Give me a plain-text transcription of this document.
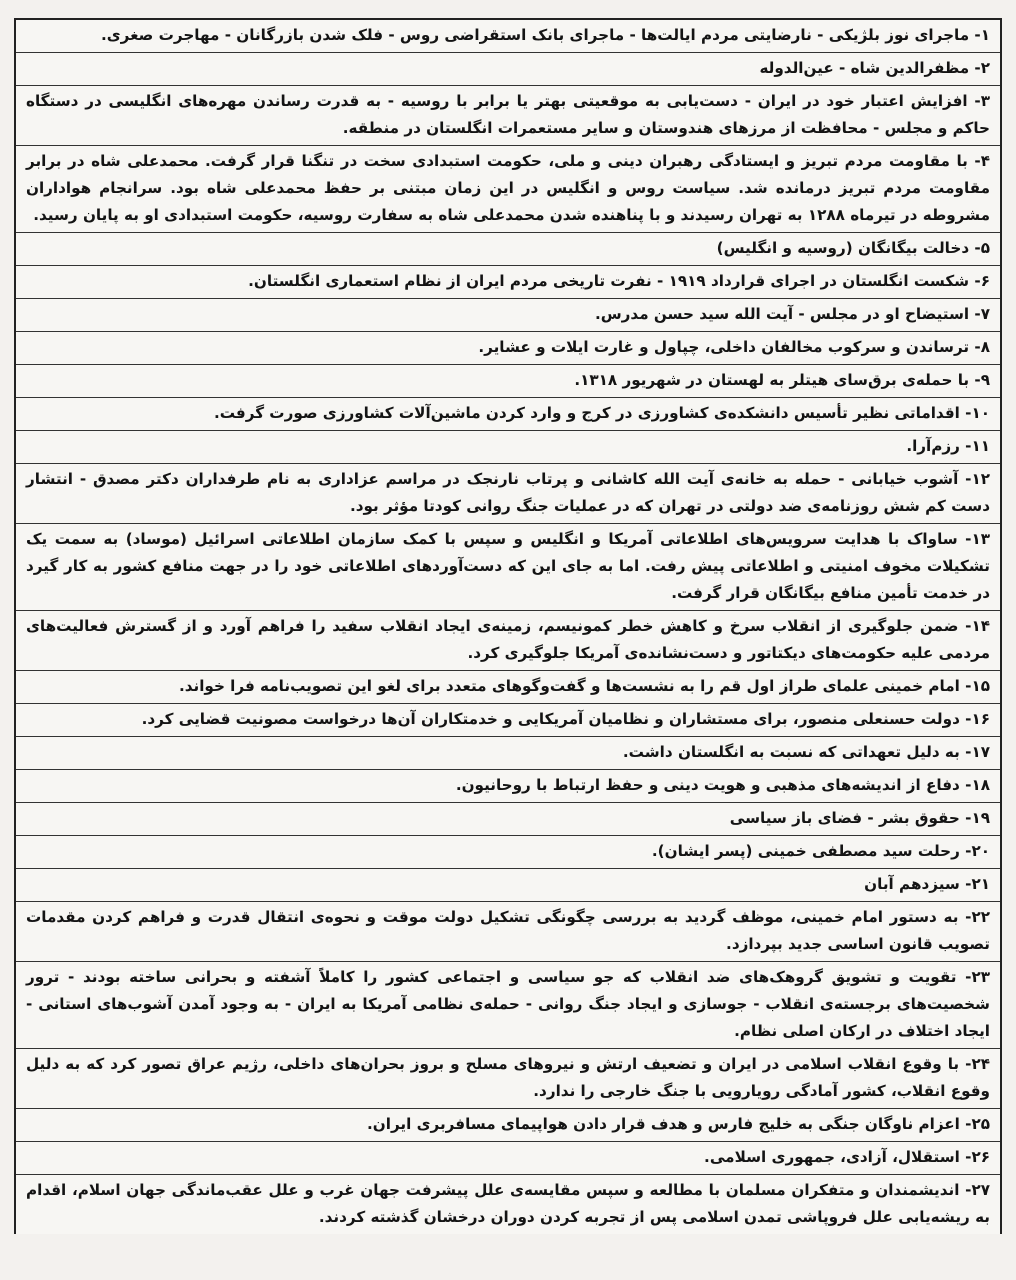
۱- ماجرای نوز بلژیکی - نارضایتی مردم ایالت‌ها - ماجرای بانک استقراضی روس - فلک شدن بازرگانان - مهاجرت صغری.
۲- مظفرالدین شاه - عین‌الدوله
۳- افزایش اعتبار خود در ایران - دست‌یابی به موقعیتی بهتر یا برابر با روسیه - به قدرت رساندن مهره‌های انگلیسی در دستگاه حاکم و مجلس - محافظت از مرزهای هندوستان و سایر مستعمرات انگلستان در منطقه.
۴- با مقاومت مردم تبریز و ایستادگی رهبران دینی و ملی، حکومت استبدادی سخت در تنگنا قرار گرفت. محمدعلی شاه در برابر مقاومت مردم تبریز درمانده شد. سیاست روس و انگلیس در این زمان مبتنی بر حفظ محمدعلی شاه بود. سرانجام هواداران مشروطه در تیرماه ۱۲۸۸ به تهران رسیدند و با پناهنده شدن محمدعلی شاه به سفارت روسیه، حکومت استبدادی او به پایان رسید.
۵- دخالت بیگانگان (روسیه و انگلیس)
۶- شکست انگلستان در اجرای قرارداد ۱۹۱۹ - نفرت تاریخی مردم ایران از نظام استعماری انگلستان.
۷- استیضاح او در مجلس - آیت الله سید حسن مدرس.
۸- ترساندن و سرکوب مخالفان داخلی، چپاول و غارت ایلات و عشایر.
۹- با حمله‌ی برق‌سای هیتلر به لهستان در شهریور ۱۳۱۸.
۱۰- اقداماتی نظیر تأسیس دانشکده‌ی کشاورزی در کرج و وارد کردن ماشین‌آلات کشاورزی صورت گرفت.
۱۱- رزم‌آرا.
۱۲- آشوب خیابانی - حمله به خانه‌ی آیت الله کاشانی و پرتاب نارنجک در مراسم عزاداری به نام طرفداران دکتر مصدق - انتشار دست کم شش روزنامه‌ی ضد دولتی در تهران که در عملیات جنگ روانی کودتا مؤثر بود.
۱۳- ساواک با هدایت سرویس‌های اطلاعاتی آمریکا و انگلیس و سپس با کمک سازمان اطلاعاتی اسرائیل (موساد) به سمت یک تشکیلات مخوف امنیتی و اطلاعاتی پیش رفت. اما به جای این که دست‌آوردهای اطلاعاتی خود را در جهت منافع کشور به کار گیرد در خدمت تأمین منافع بیگانگان قرار گرفت.
۱۴- ضمن جلوگیری از انقلاب سرخ و کاهش خطر کمونیسم، زمینه‌ی ایجاد انقلاب سفید را فراهم آورد و از گسترش فعالیت‌های مردمی علیه حکومت‌های دیکتاتور و دست‌نشانده‌ی آمریکا جلوگیری کرد.
۱۵- امام خمینی علمای طراز اول قم را به نشست‌ها و گفت‌وگوهای متعدد برای لغو این تصویب‌نامه فرا خواند.
۱۶- دولت حسنعلی منصور، برای مستشاران و نظامیان آمریکایی و خدمتکاران آن‌ها درخواست مصونیت قضایی کرد.
۱۷- به دلیل تعهداتی که نسبت به انگلستان داشت.
۱۸- دفاع از اندیشه‌های مذهبی و هویت دینی و حفظ ارتباط با روحانیون.
۱۹- حقوق بشر - فضای باز سیاسی
۲۰- رحلت سید مصطفی خمینی (پسر ایشان).
۲۱- سیزدهم آبان
۲۲- به دستور امام خمینی، موظف گردید به بررسی چگونگی تشکیل دولت موقت و نحوه‌ی انتقال قدرت و فراهم کردن مقدمات تصویب قانون اساسی جدید بپردازد.
۲۳- تقویت و تشویق گروهک‌های ضد انقلاب که جو سیاسی و اجتماعی کشور را کاملاً آشفته و بحرانی ساخته بودند - ترور شخصیت‌های برجسته‌ی انقلاب - جوسازی و ایجاد جنگ روانی - حمله‌ی نظامی آمریکا به ایران - به وجود آمدن آشوب‌های استانی - ایجاد اختلاف در ارکان اصلی نظام.
۲۴- با وقوع انقلاب اسلامی در ایران و تضعیف ارتش و نیروهای مسلح و بروز بحران‌های داخلی، رژیم عراق تصور کرد که به دلیل وقوع انقلاب، کشور آمادگی رویارویی با جنگ خارجی را ندارد.
۲۵- اعزام ناوگان جنگی به خلیج فارس و هدف قرار دادن هواپیمای مسافربری ایران.
۲۶- استقلال، آزادی، جمهوری اسلامی.
۲۷- اندیشمندان و متفکران مسلمان با مطالعه و سپس مقایسه‌ی علل پیشرفت جهان غرب و علل عقب‌ماندگی جهان اسلام، اقدام به ریشه‌یابی علل فروپاشی تمدن اسلامی پس از تجربه کردن دوران درخشان گذشته کردند.
